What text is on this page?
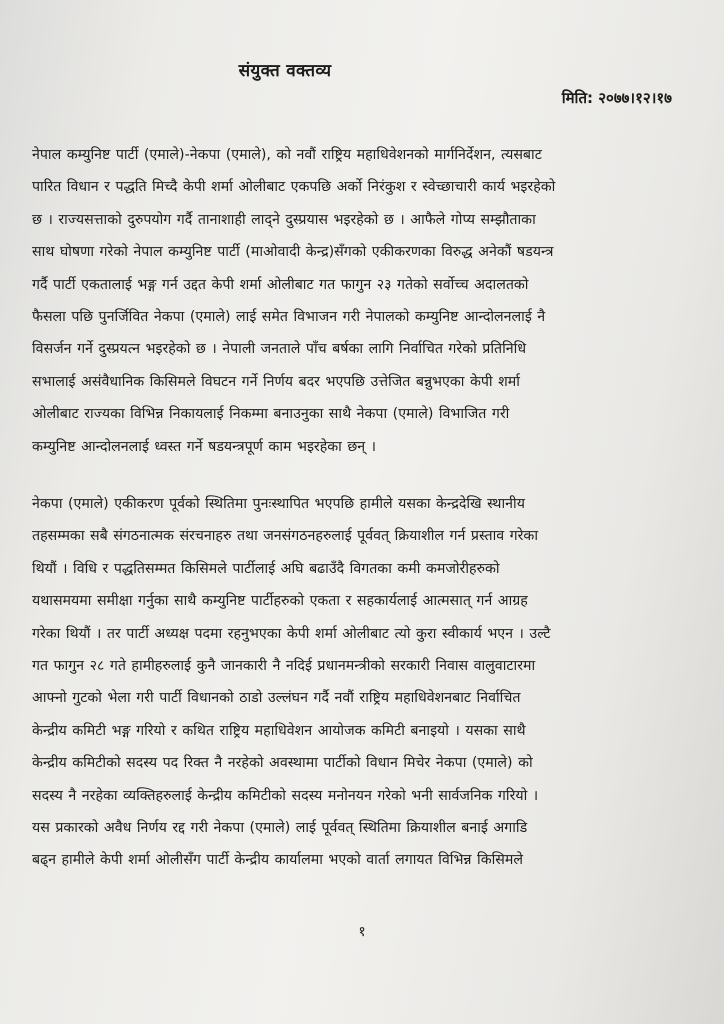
संयुक्त वक्तव्य
मिति: २०७७।१२।१७
नेपाल कम्युनिष्ट पार्टी (एमाले)-नेकपा (एमाले), को नवौं राष्ट्रिय महाधिवेशनको मार्गनिर्देशन, त्यसबाट
पारित विधान र पद्धति मिच्दै केपी शर्मा ओलीबाट एकपछि अर्को निरंकुश र स्वेच्छाचारी कार्य भइरहेको
छ । राज्यसत्ताको दुरुपयोग गर्दै तानाशाही लाद्ने दुस्प्रयास भइरहेको छ । आफैले गोप्य सम्झौताका
साथ घोषणा गरेको नेपाल कम्युनिष्ट पार्टी (माओवादी केन्द्र)सँगको एकीकरणका विरुद्ध अनेकौं षडयन्त्र
गर्दै पार्टी एकतालाई भङ्ग गर्न उद्दत केपी शर्मा ओलीबाट गत फागुन २३ गतेको सर्वोच्च अदालतको
फैसला पछि पुनर्जिवित नेकपा (एमाले) लाई समेत विभाजन गरी नेपालको कम्युनिष्ट आन्दोलनलाई नै
विसर्जन गर्ने दुस्प्रयत्न भइरहेको छ । नेपाली जनताले पाँच बर्षका लागि निर्वाचित गरेको प्रतिनिधि
सभालाई असंवैधानिक किसिमले विघटन गर्ने निर्णय बदर भएपछि उत्तेजित बन्नुभएका केपी शर्मा
ओलीबाट राज्यका विभिन्न निकायलाई निकम्मा बनाउनुका साथै नेकपा (एमाले) विभाजित गरी
कम्युनिष्ट आन्दोलनलाई ध्वस्त गर्ने षडयन्त्रपूर्ण काम भइरहेका छन् ।
नेकपा (एमाले) एकीकरण पूर्वको स्थितिमा पुनःस्थापित भएपछि हामीले यसका केन्द्रदेखि स्थानीय
तहसम्मका सबै संगठनात्मक संरचनाहरु तथा जनसंगठनहरुलाई पूर्ववत् क्रियाशील गर्न प्रस्ताव गरेका
थियौं । विधि र पद्धतिसम्मत किसिमले पार्टीलाई अघि बढाउँदै विगतका कमी कमजोरीहरुको
यथासमयमा समीक्षा गर्नुका साथै कम्युनिष्ट पार्टीहरुको एकता र सहकार्यलाई आत्मसात् गर्न आग्रह
गरेका थियौं । तर पार्टी अध्यक्ष पदमा रहनुभएका केपी शर्मा ओलीबाट त्यो कुरा स्वीकार्य भएन । उल्टै
गत फागुन २८ गते हामीहरुलाई कुनै जानकारी नै नदिई प्रधानमन्त्रीको सरकारी निवास वालुवाटारमा
आफ्नो गुटको भेला गरी पार्टी विधानको ठाडो उल्लंघन गर्दै नवौं राष्ट्रिय महाधिवेशनबाट निर्वाचित
केन्द्रीय कमिटी भङ्ग गरियो र कथित राष्ट्रिय महाधिवेशन आयोजक कमिटी बनाइयो । यसका साथै
केन्द्रीय कमिटीको सदस्य पद रिक्त नै नरहेको अवस्थामा पार्टीको विधान मिचेर नेकपा (एमाले) को
सदस्य नै नरहेका व्यक्तिहरुलाई केन्द्रीय कमिटीको सदस्य मनोनयन गरेको भनी सार्वजनिक गरियो ।
यस प्रकारको अवैध निर्णय रद्द गरी नेकपा (एमाले) लाई पूर्ववत् स्थितिमा क्रियाशील बनाई अगाडि
बढ्न हामीले केपी शर्मा ओलीसँग पार्टी केन्द्रीय कार्यालमा भएको वार्ता लगायत विभिन्न किसिमले
१
